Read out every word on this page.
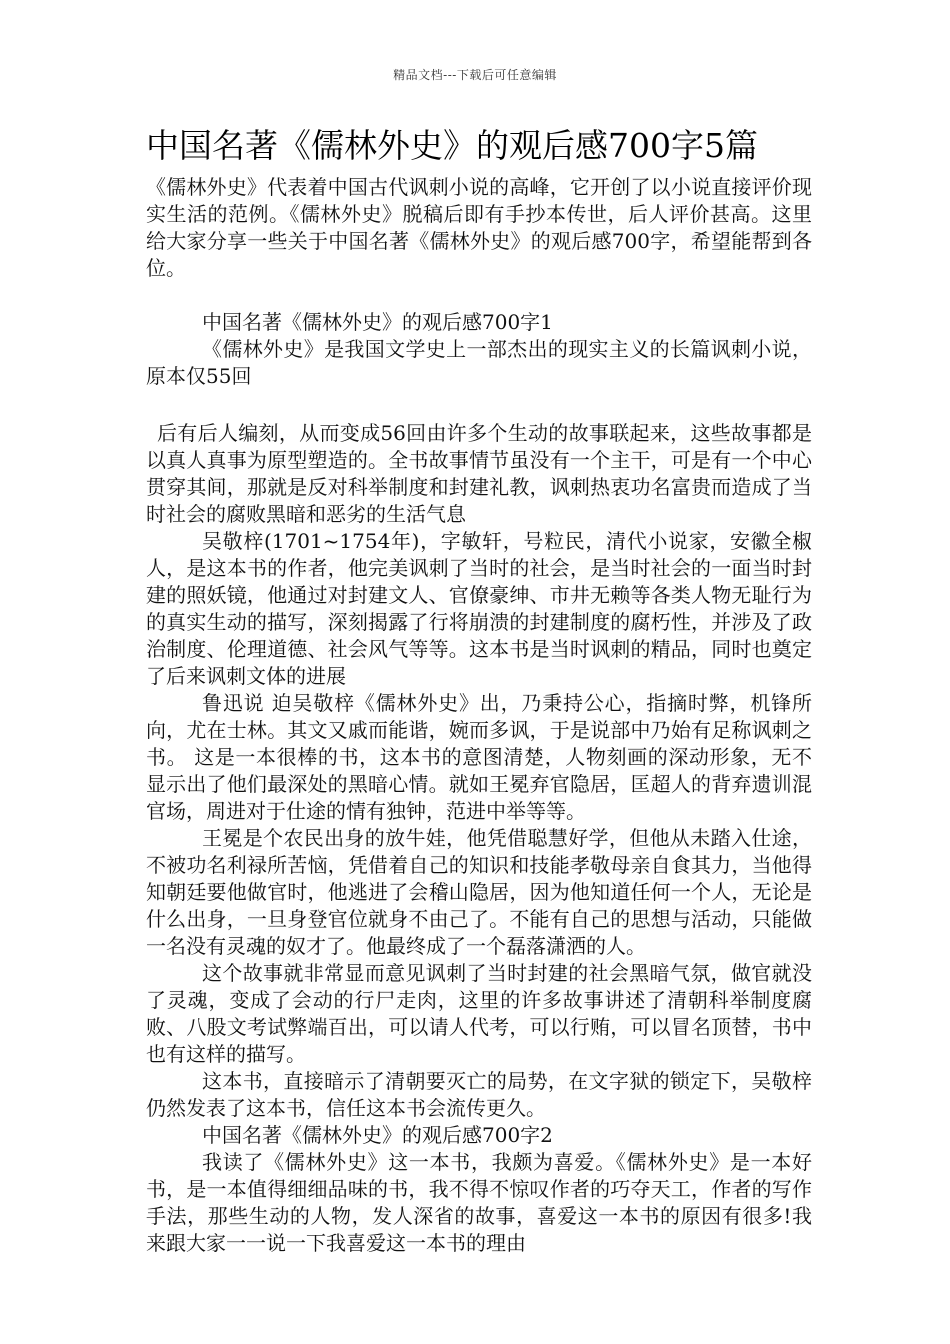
精品文档---下载后可任意编辑
中国名著《儒林外史》的观后感700字5篇

《儒林外史》代表着中国古代讽刺小说的高峰，它开创了以小说直接评价现实生活的范例。《儒林外史》脱稿后即有手抄本传世，后人评价甚高。这里给大家分享一些关于中国名著《儒林外史》的观后感700字，希望能帮到各位。

中国名著《儒林外史》的观后感700字1

《儒林外史》是我国文学史上一部杰出的现实主义的长篇讽刺小说，原本仅55回

后有后人编刻，从而变成56回由许多个生动的故事联起来，这些故事都是以真人真事为原型塑造的。全书故事情节虽没有一个主干，可是有一个中心贯穿其间，那就是反对科举制度和封建礼教，讽刺热衷功名富贵而造成了当时社会的腐败黑暗和恶劣的生活气息

吴敬梓(1701~1754年)，字敏轩，号粒民，清代小说家，安徽全椒人，是这本书的作者，他完美讽刺了当时的社会，是当时社会的一面当时封建的照妖镜，他通过对封建文人、官僚豪绅、市井无赖等各类人物无耻行为的真实生动的描写，深刻揭露了行将崩溃的封建制度的腐朽性，并涉及了政治制度、伦理道德、社会风气等等。这本书是当时讽刺的精品，同时也奠定了后来讽刺文体的进展

鲁迅说 迫吴敬梓《儒林外史》出，乃秉持公心，指摘时弊，机锋所向，尤在士林。其文又戚而能谐，婉而多讽，于是说部中乃始有足称讽刺之书。 这是一本很棒的书，这本书的意图清楚，人物刻画的深动形象，无不显示出了他们最深处的黑暗心情。就如王冕弃官隐居，匡超人的背弃遗训混官场，周进对于仕途的情有独钟，范进中举等等。

王冕是个农民出身的放牛娃，他凭借聪慧好学，但他从未踏入仕途，不被功名利禄所苦恼，凭借着自己的知识和技能孝敬母亲自食其力，当他得知朝廷要他做官时，他逃进了会稽山隐居，因为他知道任何一个人，无论是什么出身，一旦身登官位就身不由己了。不能有自己的思想与活动，只能做一名没有灵魂的奴才了。他最终成了一个磊落潇洒的人。

这个故事就非常显而意见讽刺了当时封建的社会黑暗气氛，做官就没了灵魂，变成了会动的行尸走肉，这里的许多故事讲述了清朝科举制度腐败、八股文考试弊端百出，可以请人代考，可以行贿，可以冒名顶替，书中也有这样的描写。

这本书，直接暗示了清朝要灭亡的局势，在文字狱的锁定下，吴敬梓仍然发表了这本书，信任这本书会流传更久。

中国名著《儒林外史》的观后感700字2

我读了《儒林外史》这一本书，我颇为喜爱。《儒林外史》是一本好书，是一本值得细细品味的书，我不得不惊叹作者的巧夺天工，作者的写作手法，那些生动的人物，发人深省的故事，喜爱这一本书的原因有很多!我来跟大家一一说一下我喜爱这一本书的理由
